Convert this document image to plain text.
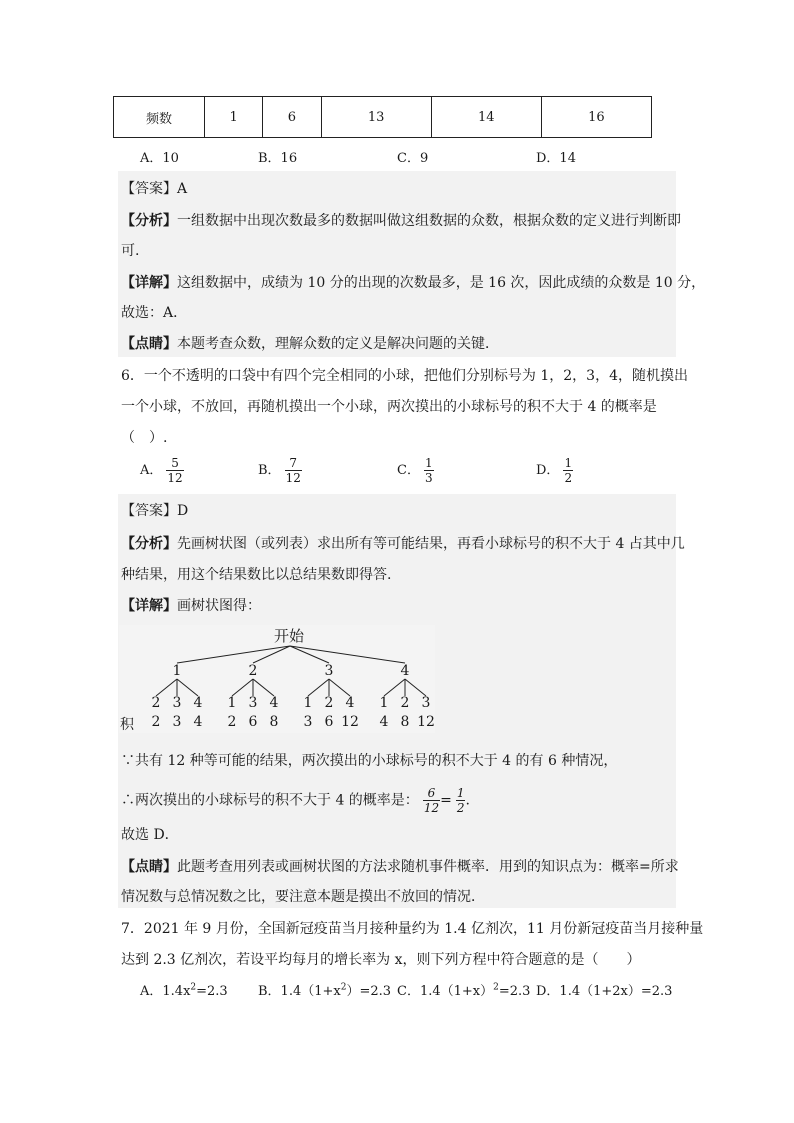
频数	1	6	13	14	16
A．10	B．16	C．9	D．14
【答案】A
【分析】一组数据中出现次数最多的数据叫做这组数据的众数，根据众数的定义进行判断即
可.
【详解】这组数据中，成绩为 10 分的出现的次数最多，是 16 次，因此成绩的众数是 10 分，
故选：A．
【点睛】本题考查众数，理解众数的定义是解决问题的关键．
6．一个不透明的口袋中有四个完全相同的小球，把他们分别标号为 1，2，3，4，随机摸出
一个小球，不放回，再随机摸出一个小球，两次摸出的小球标号的积不大于 4 的概率是
（　）.
A． $\frac{5}{12}$	B． $\frac{7}{12}$	C． $\frac{1}{3}$	D． $\frac{1}{2}$
【答案】D
【分析】先画树状图（或列表）求出所有等可能结果，再看小球标号的积不大于 4 占其中几
种结果，用这个结果数比以总结果数即得答.
【详解】画树状图得：
开始
1	2	3	4
2 3 4 1 3 4 1 2 4 1 2 3
积 2 3 4 2 6 8 3 6 12 4 8 12
∵共有 12 种等可能的结果，两次摸出的小球标号的积不大于 4 的有 6 种情况，
∴两次摸出的小球标号的积不大于 4 的概率是： $\frac{6}{12} = \frac{1}{2}$ .
故选 D．
【点睛】此题考查用列表或画树状图的方法求随机事件概率．用到的知识点为：概率=所求
情况数与总情况数之比，要注意本题是摸出不放回的情况．
7．2021 年 9 月份，全国新冠疫苗当月接种量约为 1.4 亿剂次，11 月份新冠疫苗当月接种量
达到 2.3 亿剂次，若设平均每月的增长率为 x，则下列方程中符合题意的是（　　）
A．$1.4x^2=2.3$ B．$1.4(1+x^2)=2.3$ C．$1.4(1+x)^2=2.3$ D．1.4（1+2x）=2.3
